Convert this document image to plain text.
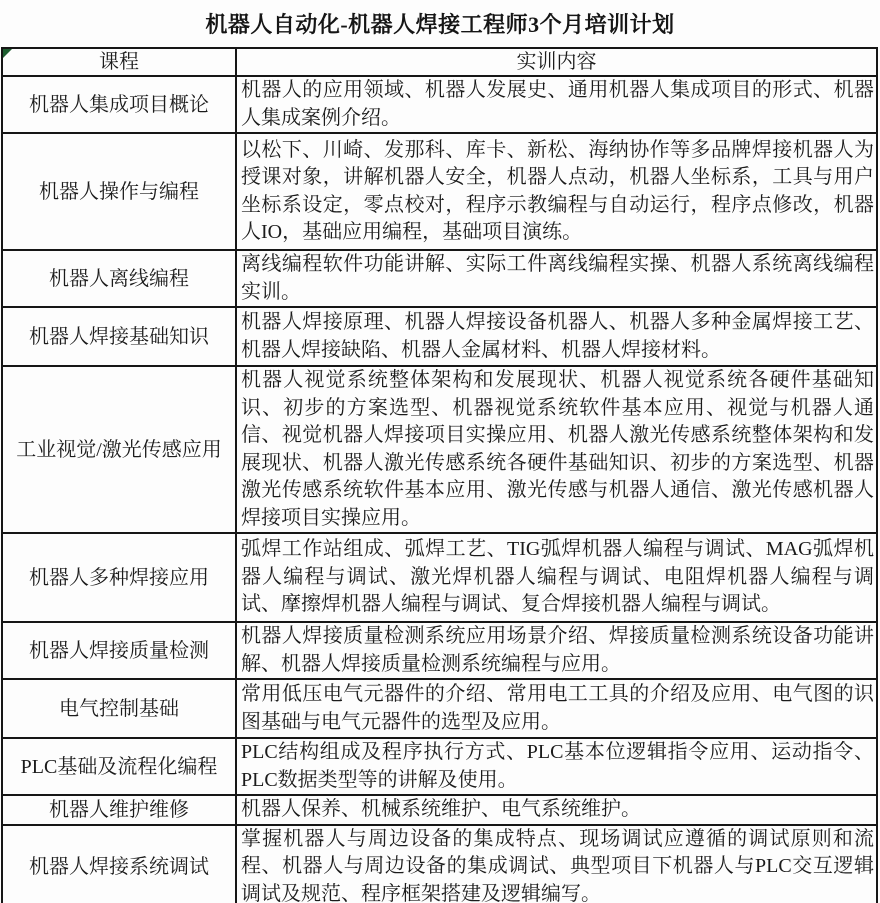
机器人自动化-机器人焊接工程师3个月培训计划
课程	实训内容
机器人集成项目概论	机器人的应用领域、机器人发展史、通用机器人集成项目的形式、机器人集成案例介绍。
机器人操作与编程	以松下、川崎、发那科、库卡、新松、海纳协作等多品牌焊接机器人为授课对象，讲解机器人安全，机器人点动，机器人坐标系，工具与用户坐标系设定，零点校对，程序示教编程与自动运行，程序点修改，机器人IO，基础应用编程，基础项目演练。
机器人离线编程	离线编程软件功能讲解、实际工件离线编程实操、机器人系统离线编程实训。
机器人焊接基础知识	机器人焊接原理、机器人焊接设备机器人、机器人多种金属焊接工艺、机器人焊接缺陷、机器人金属材料、机器人焊接材料。
工业视觉/激光传感应用	机器人视觉系统整体架构和发展现状、机器人视觉系统各硬件基础知识、初步的方案选型、机器视觉系统软件基本应用、视觉与机器人通信、视觉机器人焊接项目实操应用、机器人激光传感系统整体架构和发展现状、机器人激光传感系统各硬件基础知识、初步的方案选型、机器激光传感系统软件基本应用、激光传感与机器人通信、激光传感机器人焊接项目实操应用。
机器人多种焊接应用	弧焊工作站组成、弧焊工艺、TIG弧焊机器人编程与调试、MAG弧焊机器人编程与调试、激光焊机器人编程与调试、电阻焊机器人编程与调试、摩擦焊机器人编程与调试、复合焊接机器人编程与调试。
机器人焊接质量检测	机器人焊接质量检测系统应用场景介绍、焊接质量检测系统设备功能讲解、机器人焊接质量检测系统编程与应用。
电气控制基础	常用低压电气元器件的介绍、常用电工工具的介绍及应用、电气图的识图基础与电气元器件的选型及应用。
PLC基础及流程化编程	PLC结构组成及程序执行方式、PLC基本位逻辑指令应用、运动指令、PLC数据类型等的讲解及使用。
机器人维护维修	机器人保养、机械系统维护、电气系统维护。
机器人焊接系统调试	掌握机器人与周边设备的集成特点、现场调试应遵循的调试原则和流程、机器人与周边设备的集成调试、典型项目下机器人与PLC交互逻辑调试及规范、程序框架搭建及逻辑编写。
